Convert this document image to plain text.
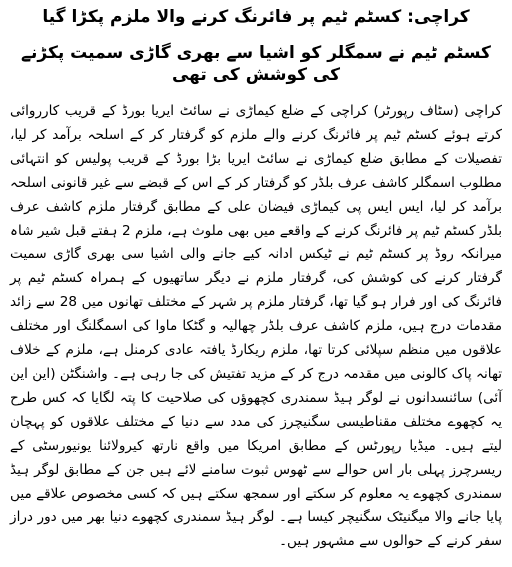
کراچی: کسٹم ٹیم پر فائرنگ کرنے والا ملزم پکڑا گیا
کسٹم ٹیم نے سمگلر کو اشیا سے بھری گاڑی سمیت پکڑنے کی کوشش کی تھی

کراچی (سٹاف رپورٹر) کراچی کے ضلع کیماڑی نے سائٹ ایریا بورڈ کے قریب کارروائی کرتے ہوئے کسٹم ٹیم پر فائرنگ کرنے والے ملزم کو گرفتار کر کے اسلحہ برآمد کر لیا، تفصیلات کے مطابق ضلع کیماڑی نے سائٹ ایریا بڑا بورڈ کے قریب پولیس کو انتہائی مطلوب اسمگلر کاشف عرف بلڈر کو گرفتار کر کے اس کے قبضے سے غیر قانونی اسلحہ برآمد کر لیا، ایس ایس پی کیماڑی فیضان علی کے مطابق گرفتار ملزم کاشف عرف بلڈر کسٹم ٹیم پر فائرنگ کرنے کے واقعے میں بھی ملوث ہے، ملزم 2 ہفتے قبل شیر شاہ میرانکہ روڈ پر کسٹم ٹیم نے ٹیکس ادانہ کیے جانے والی اشیا سی بھری گاڑی سمیت گرفتار کرنے کی کوشش کی، گرفتار ملزم نے دیگر ساتھیوں کے ہمراہ کسٹم ٹیم پر فائرنگ کی اور فرار ہو گیا تھا، گرفتار ملزم پر شہر کے مختلف تھانوں میں 28 سے زائد مقدمات درج ہیں، ملزم کاشف عرف بلڈر چھالیہ و گٹکا ماوا کی اسمگلنگ اور مختلف علاقوں میں منظم سپلائی کرتا تھا، ملزم ریکارڈ یافتہ عادی کرمنل ہے، ملزم کے خلاف تھانہ پاک کالونی میں مقدمہ درج کر کے مزید تفتیش کی جا رہی ہے۔ واشنگٹن (این این آئی) سائنسدانوں نے لوگر ہیڈ سمندری کچھوؤں کی صلاحیت کا پتہ لگایا کہ کس طرح یہ کچھوے مختلف مقناطیسی سگنیچرز کی مدد سے دنیا کے مختلف علاقوں کو پہچان لیتے ہیں۔ میڈیا رپورٹس کے مطابق امریکا میں واقع نارتھ کیرولائنا یونیورسٹی کے ریسرچرز پہلی بار اس حوالے سے ٹھوس ثبوت سامنے لائے ہیں جن کے مطابق لوگر ہیڈ سمندری کچھوے یہ معلوم کر سکتے اور سمجھ سکتے ہیں کہ کسی مخصوص علاقے میں پایا جانے والا میگنیٹک سگنیچر کیسا ہے۔ لوگر ہیڈ سمندری کچھوے دنیا بھر میں دور دراز سفر کرنے کے حوالوں سے مشہور ہیں۔
